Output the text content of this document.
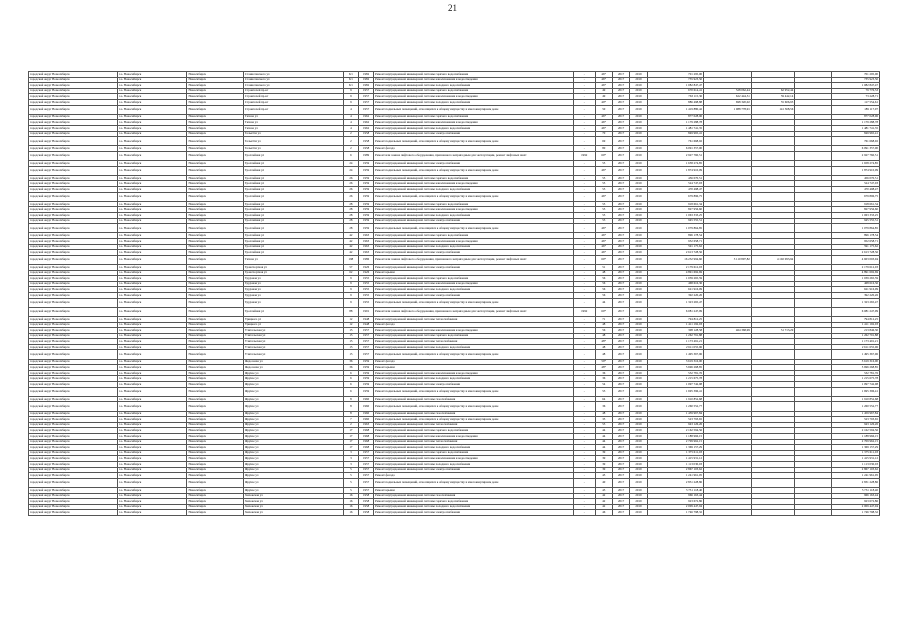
21
городской округ Новосибирск	г.о. Новосибирск	Новосибирск	Станиславского ул	6/1	1982	Ремонт внутридомовой инженерной системы горячего водоснабжения	-	46*	2017	2019	701 295,00				701 295,00
городской округ Новосибирск	г.о. Новосибирск	Новосибирск	Станиславского ул	6/1	1982	Ремонт внутридомовой инженерной системы канализования и водоотведения	-	46*	2017	2019	735 923,50				735 923,50
городской округ Новосибирск	г.о. Новосибирск	Новосибирск	Станиславского ул	6/1	1982	Ремонт внутридомовой инженерной системы холодного водоснабжения	-	46*	2017	2019	1 082 847,47				1 082 847,47
городской округ Новосибирск	г.о. Новосибирск	Новосибирск	Строителей пр-кт	9	1957	Ремонт внутридомовой инженерной системы горячего водоснабжения	-	49	2017	2019	670 614,41	528 062,44	62 952,44		79 776,53
городской округ Новосибирск	г.о. Новосибирск	Новосибирск	Строителей пр-кт	9	1957	Ремонт внутридомовой инженерной системы канализования и водоотведения	-	49	2017	2019	763 115,36	622 444,51	59 442,14		73 228,71
городской округ Новосибирск	г.о. Новосибирск	Новосибирск	Строителей пр-кт	9	1957	Ремонт внутридомовой инженерной системы холодного водоснабжения	-	49*	2017	2019	886 498,88	698 320,02	55 606,93		117 554,61
городской округ Новосибирск	г.о. Новосибирск	Новосибирск	Строителей пр-кт	4	1957	Ремонт подвальных помещений, относящихся к общему имуществу в многоквартирном доме	-	50	2017	2019	1 419 880,42	1 088 778,91	141 368,56		189 117,07
городской округ Новосибирск	г.о. Новосибирск	Новосибирск	Титова ул	4	1962	Ремонт внутридомовой инженерной системы горячего водоснабжения	-	46*	2017	2019	877 028,96				877 028,96
городской округ Новосибирск	г.о. Новосибирск	Новосибирск	Титова ул	4	1962	Ремонт внутридомовой инженерной системы канализования и водоотведения	-	46*	2017	2019	1 179 288,78				1 179 288,78
городской округ Новосибирск	г.о. Новосибирск	Новосибирск	Титова ул	4	1962	Ремонт внутридомовой инженерной системы холодного водоснабжения	-	46*	2017	2019	1 481 741,35				1 481 741,35
городской округ Новосибирск	г.о. Новосибирск	Новосибирск	Тольятти ул	2	1958	Ремонт внутридомовой инженерной системы электроснабжения	-	70	2017	2019	849 965,41				849 965,41
городской округ Новосибирск	г.о. Новосибирск	Новосибирск	Тольятти ул	2	1958	Ремонт подвальных помещений, относящихся к общему имуществу в многоквартирном доме	-	69	2017	2019	761 668,92				761 668,92
городской округ Новосибирск	г.о. Новосибирск	Новосибирск	Тольятти ул	2	1958	Ремонт фасада	-	80	2017	2019	6 091 357,00				6 091 357,00
городской округ Новосибирск	г.о. Новосибирск	Новосибирск	Троллейная ул	6	1989	Ремонт или замена лифтового оборудования, признанного непригодным для эксплуатации, ремонт лифтовых шахт	1992	60*	2017	2019	2 927 760,51				2 927 760,51
городской округ Новосибирск	г.о. Новосибирск	Новосибирск	Троллейная ул	24	1959	Ремонт внутридомовой инженерной системы электроснабжения	-	55	2017	2019	1 658 274,85				1 658 274,85
городской округ Новосибирск	г.о. Новосибирск	Новосибирск	Троллейная ул	24	1959	Ремонт подвальных помещений, относящихся к общему имуществу в многоквартирном доме	-	46*	2017	2019	1 874 910,09				1 874 910,09
городской округ Новосибирск	г.о. Новосибирск	Новосибирск	Троллейная ул	26	1959	Ремонт внутридомовой инженерной системы горячего водоснабжения	-	55	2017	2019	456 070,51				456 070,51
городской округ Новосибирск	г.о. Новосибирск	Новосибирск	Троллейная ул	26	1959	Ремонт внутридомовой инженерной системы канализования и водоотведения	-	55	2017	2019	524 747,03				524 747,03
городской округ Новосибирск	г.о. Новосибирск	Новосибирск	Троллейная ул	26	1959	Ремонт внутридомовой инженерной системы холодного водоснабжения	-	55	2017	2019	470 498,47				470 498,47
городской округ Новосибирск	г.о. Новосибирск	Новосибирск	Троллейная ул	26	1959	Ремонт подвальных помещений, относящихся к общему имуществу в многоквартирном доме	-	46*	2017	2019	679 896,75				679 896,75
городской округ Новосибирск	г.о. Новосибирск	Новосибирск	Троллейная ул	28	1959	Ремонт внутридомовой инженерной системы горячего водоснабжения	-	55	2017	2019	918 661,34				918 661,34
городской округ Новосибирск	г.о. Новосибирск	Новосибирск	Троллейная ул	28	1959	Ремонт внутридомовой инженерной системы канализования и водоотведения	-	55	2017	2019	827 956,60				827 956,60
городской округ Новосибирск	г.о. Новосибирск	Новосибирск	Троллейная ул	28	1959	Ремонт внутридомовой инженерной системы холодного водоснабжения	-	55	2017	2019	1 063 333,25				1 063 333,25
городской округ Новосибирск	г.о. Новосибирск	Новосибирск	Троллейная ул	28	1959	Ремонт внутридомовой инженерной системы электроснабжения	-	55	2017	2019	945 555,51				945 555,51
городской округ Новосибирск	г.о. Новосибирск	Новосибирск	Троллейная ул	28	1959	Ремонт подвальных помещений, относящихся к общему имуществу в многоквартирном доме	-	46*	2017	2019	1 079 864,85				1 079 864,85
городской округ Новосибирск	г.о. Новосибирск	Новосибирск	Троллейная ул	42	1963	Ремонт внутридомовой инженерной системы горячего водоснабжения	-	46*	2017	2019	896 178,54				896 178,54
городской округ Новосибирск	г.о. Новосибирск	Новосибирск	Троллейная ул	42	1963	Ремонт внутридомовой инженерной системы канализования и водоотведения	-	46*	2017	2019	952 658,71				952 658,71
городской округ Новосибирск	г.о. Новосибирск	Новосибирск	Троллейная ул	42	1963	Ремонт внутридомовой инженерной системы холодного водоснабжения	-	46*	2017	2019	591 175,62				591 175,62
городской округ Новосибирск	г.о. Новосибирск	Новосибирск	Троллейная ул	42	1963	Ремонт внутридомовой инженерной системы электроснабжения	-	46*	2017	2019	2 613 728,56				2 613 728,56
городской округ Новосибирск	г.о. Новосибирск	Новосибирск	Титова ул	198	1986	Ремонт или замена лифтового оборудования, признанного непригодным для эксплуатации, ремонт лифтовых шахт	-	60*	2017	2019	16 232 994,60	3 110 897,82	4 102 093,94		4 603 093,94
городской округ Новосибирск	г.о. Новосибирск	Новосибирск	Транспортная ул	57	1926	Ремонт внутридомовой инженерной системы электроснабжения	-	51	2017	2019	2 179 612,03				2 179 612,03
городской округ Новосибирск	г.о. Новосибирск	Новосибирск	Транспортная ул	62	1926	Ремонт крыши	-	48	2017	2019	4 891 692,69				4 891 692,69
городской округ Новосибирск	г.о. Новосибирск	Новосибирск	Трудовая ул	9	1955	Ремонт внутридомовой инженерной системы горячего водоснабжения	-	56	2017	2019	1 039 265,59				1 039 265,59
городской округ Новосибирск	г.о. Новосибирск	Новосибирск	Трудовая ул	9	1955	Ремонт внутридомовой инженерной системы канализования и водоотведения	-	56	2017	2019	468 616,36				468 616,36
городской округ Новосибирск	г.о. Новосибирск	Новосибирск	Трудовая ул	9	1955	Ремонт внутридомовой инженерной системы холодного водоснабжения	-	56	2017	2019	621 916,09				621 916,09
городской округ Новосибирск	г.о. Новосибирск	Новосибирск	Трудовая ул	9	1955	Ремонт внутридомовой инженерной системы электроснабжения	-	56	2017	2019	392 220,26				392 220,26
городской округ Новосибирск	г.о. Новосибирск	Новосибирск	Трудовая ул	9	1955	Ремонт подвальных помещений, относящихся к общему имуществу в многоквартирном доме	-	44	2017	2019	1 323 265,47				1 323 265,47
городской округ Новосибирск	г.о. Новосибирск	Новосибирск	Троллейная ул	88	1991	Ремонт или замена лифтового оборудования, признанного непригодным для эксплуатации, ремонт лифтовых шахт	1992	60*	2017	2019	6 081 247,99				6 081 247,99
городской округ Новосибирск	г.о. Новосибирск	Новосибирск	Урицкого ул	12	1948	Ремонт внутридомовой инженерной системы теплоснабжения	-	71	2017	2019	794 812,25				794 812,25
городской округ Новосибирск	г.о. Новосибирск	Новосибирск	Урицкого ул	12	1948	Ремонт фасада	-	48	2017	2019	1 411 192,03				1 411 192,03
городской округ Новосибирск	г.о. Новосибирск	Новосибирск	Учительская ул	15	1957	Ремонт внутридомовой инженерной системы канализования и водоотведения	-	56	2017	2019	308 128,58	464 368,99	51 713,29		213 846,30
городской округ Новосибирск	г.о. Новосибирск	Новосибирск	Учительская ул	15	1957	Ремонт внутридомовой инженерной системы горячего водоснабжения	-	48	2017	2019	1 262 791,88				1 262 791,88
городской округ Новосибирск	г.о. Новосибирск	Новосибирск	Учительская ул	15	1957	Ремонт внутридомовой инженерной системы теплоснабжения	-	48*	2017	2019	1 173 491,21				1 173 491,21
городской округ Новосибирск	г.о. Новосибирск	Новосибирск	Учительская ул	15	1957	Ремонт внутридомовой инженерной системы холодного водоснабжения	-	48	2017	2019	2 611 655,96				2 611 655,96
городской округ Новосибирск	г.о. Новосибирск	Новосибирск	Учительская ул	15	1957	Ремонт подвальных помещений, относящихся к общему имуществу в многоквартирном доме	-	48	2017	2019	1 495 367,96				1 495 367,96
городской округ Новосибирск	г.о. Новосибирск	Новосибирск	Федосеева ул	36	1959	Ремонт фасада	-	59*	2017	2019	3 619 316,00				3 619 316,00
городской округ Новосибирск	г.о. Новосибирск	Новосибирск	Федосеева ул	36	1959	Ремонт крыши	-	48*	2017	2019	5 696 268,85				5 696 268,85
городской округ Новосибирск	г.о. Новосибирск	Новосибирск	Фрунзе ул	6	1959	Ремонт внутридомовой инженерной системы канализования и водоотведения	-	36	2017	2019	532 781,76				532 781,76
городской округ Новосибирск	г.о. Новосибирск	Новосибирск	Фрунзе ул	6	1959	Ремонт внутридомовой инженерной системы холодного водоснабжения	-	36	2017	2019	1 215 675,78				1 215 675,78
городской округ Новосибирск	г.о. Новосибирск	Новосибирск	Фрунзе ул	6	1959	Ремонт внутридомовой инженерной системы электроснабжения	-	54	2017	2019	1 097 742,98				1 097 742,98
городской округ Новосибирск	г.о. Новосибирск	Новосибирск	Фрунзе ул	6	1959	Ремонт подвальных помещений, относящихся к общему имуществу в многоквартирном доме	-	53	2017	2019	1 695 396,41				1 695 396,41
городской округ Новосибирск	г.о. Новосибирск	Новосибирск	Фрунзе ул	8	1960	Ремонт внутридомовой инженерной системы газоснабжения	-	64	2017	2019	1 910 852,68				1 910 852,68
городской округ Новосибирск	г.о. Новосибирск	Новосибирск	Фрунзе ул	8	1960	Ремонт подвальных помещений, относящихся к общему имуществу в многоквартирном доме	-	36	2017	2019	1 260 552,77				1 260 552,77
городской округ Новосибирск	г.о. Новосибирск	Новосибирск	Фрунзе ул	8	1960	Ремонт внутридомовой инженерной системы газоснабжения	-	48	2017	2019	1 459 967,84				1 459 967,84
городской округ Новосибирск	г.о. Новосибирск	Новосибирск	Фрунзе ул	7	1960	Ремонт подвальных помещений, относящихся к общему имуществу в многоквартирном доме	-	35	2017	2019	523 793,65				523 793,65
городской округ Новосибирск	г.о. Новосибирск	Новосибирск	Фрунзе ул	2	1963	Ремонт внутридомовой инженерной системы теплоснабжения	-	55	2017	2019	943 126,26				943 126,26
городской округ Новосибирск	г.о. Новосибирск	Новосибирск	Фрунзе ул	17	1968	Ремонт внутридомовой инженерной системы горячего водоснабжения	-	44	2017	2019	2 162 594,56				2 162 594,56
городской округ Новосибирск	г.о. Новосибирск	Новосибирск	Фрунзе ул	17	1968	Ремонт внутридомовой инженерной системы канализования и водоотведения	-	44	2017	2019	1 188 966,15				1 188 966,15
городской округ Новосибирск	г.о. Новосибирск	Новосибирск	Фрунзе ул	17	1968	Ремонт внутридомовой инженерной системы теплоснабжения	-	44	2017	2019	2 709 962,15				2 709 962,15
городской округ Новосибирск	г.о. Новосибирск	Новосибирск	Фрунзе ул	17	1968	Ремонт внутридомовой инженерной системы холодного водоснабжения	-	44	2017	2019	1 369 157,29				1 369 157,29
городской округ Новосибирск	г.о. Новосибирск	Новосибирск	Фрунзе ул	3	1957	Ремонт внутридомовой инженерной системы горячего водоснабжения	-	39	2017	2019	1 375 611,03				1 375 611,03
городской округ Новосибирск	г.о. Новосибирск	Новосибирск	Фрунзе ул	3	1957	Ремонт внутридомовой инженерной системы канализования и водоотведения	-	39	2017	2019	1 415 931,12				1 415 931,12
городской округ Новосибирск	г.о. Новосибирск	Новосибирск	Фрунзе ул	3	1957	Ремонт внутридомовой инженерной системы холодного водоснабжения	-	39	2017	2019	1 113 030,03				1 113 030,03
городской округ Новосибирск	г.о. Новосибирск	Новосибирск	Фрунзе ул	5	1957	Ремонт внутридомовой инженерной системы электроснабжения	-	39	2017	2019	2 867 103,62				2 867 103,62
городской округ Новосибирск	г.о. Новосибирск	Новосибирск	Фрунзе ул	5	1957	Ремонт фасада	-	45	2017	2019	1 241 961,05				1 241 961,05
городской округ Новосибирск	г.о. Новосибирск	Новосибирск	Фрунзе ул	5	1957	Ремонт подвальных помещений, относящихся к общему имуществу в многоквартирном доме	-	40	2017	2019	2 831 228,86				2 831 228,86
городской округ Новосибирск	г.о. Новосибирск	Новосибирск	Фрунзе ул	5	1957	Ремонт крыши	-	45	2017	2019	5 731 118,40				5 731 118,40
городской округ Новосибирск	г.о. Новосибирск	Новосибирск	Хилокская ул	16	1958	Ремонт внутридомовой инженерной системы газоснабжения	-	42	2017	2019	966 163,44				966 163,44
городской округ Новосибирск	г.о. Новосибирск	Новосибирск	Хилокская ул	16	1958	Ремонт внутридомовой инженерной системы горячего водоснабжения	-	42	2017	2019	923 672,86				923 672,86
городской округ Новосибирск	г.о. Новосибирск	Новосибирск	Хилокская ул	16	1958	Ремонт внутридомовой инженерной системы холодного водоснабжения	-	42	2017	2019	2 009 447,94				2 009 447,94
городской округ Новосибирск	г.о. Новосибирск	Новосибирск	Хилокская ул	16	1958	Ремонт внутридомовой инженерной системы электроснабжения	-	46	2017	2019	1 746 798,32				1 746 798,32
